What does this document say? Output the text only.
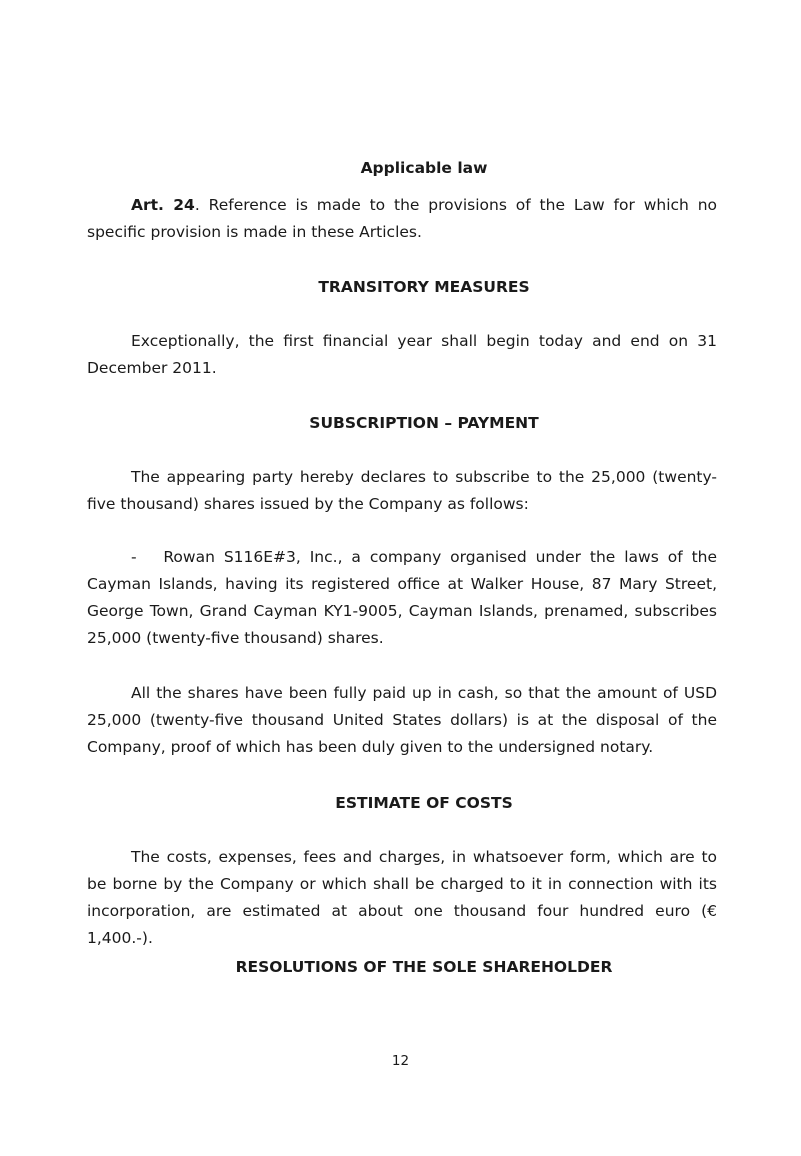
Applicable law

Art. 24. Reference is made to the provisions of the Law for which no specific provision is made in these Articles.

TRANSITORY MEASURES

Exceptionally, the first financial year shall begin today and end on 31 December 2011.

SUBSCRIPTION – PAYMENT

The appearing party hereby declares to subscribe to the 25,000 (twenty-five thousand) shares issued by the Company as follows:

- Rowan S116E#3, Inc., a company organised under the laws of the Cayman Islands, having its registered office at Walker House, 87 Mary Street, George Town, Grand Cayman KY1-9005, Cayman Islands, prenamed, subscribes 25,000 (twenty-five thousand) shares.

All the shares have been fully paid up in cash, so that the amount of USD 25,000 (twenty-five thousand United States dollars) is at the disposal of the Company, proof of which has been duly given to the undersigned notary.

ESTIMATE OF COSTS

The costs, expenses, fees and charges, in whatsoever form, which are to be borne by the Company or which shall be charged to it in connection with its incorporation, are estimated at about one thousand four hundred euro (€ 1,400.-).

RESOLUTIONS OF THE SOLE SHAREHOLDER
12
